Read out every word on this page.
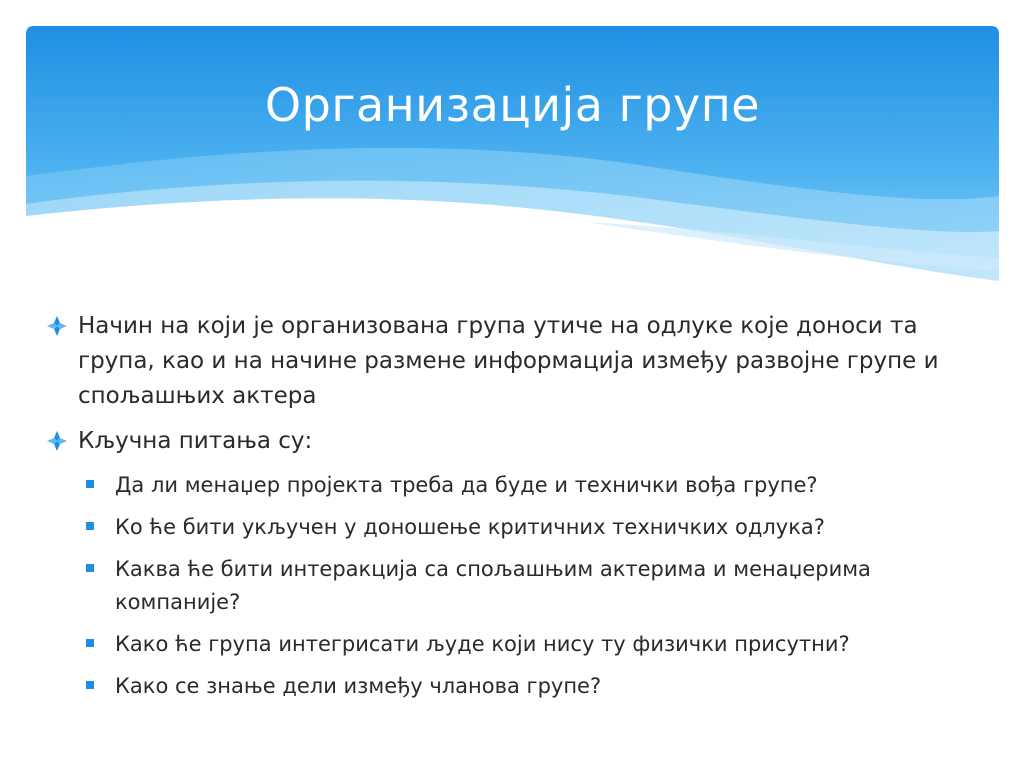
Организација групе
Начин на који је организована група утиче на одлуке које доноси та група, као и на начине размене информација између развојне групе и спољашњих актера
Кључна питања су:
Да ли менаџер пројекта треба да буде и технички вођа групе?
Ко ће бити укључен у доношење критичних техничких одлука?
Каква ће бити интеракција са спољашњим актерима и менаџерима компаније?
Како ће група интегрисати људе који нису ту физички присутни?
Како се знање дели између чланова групе?
